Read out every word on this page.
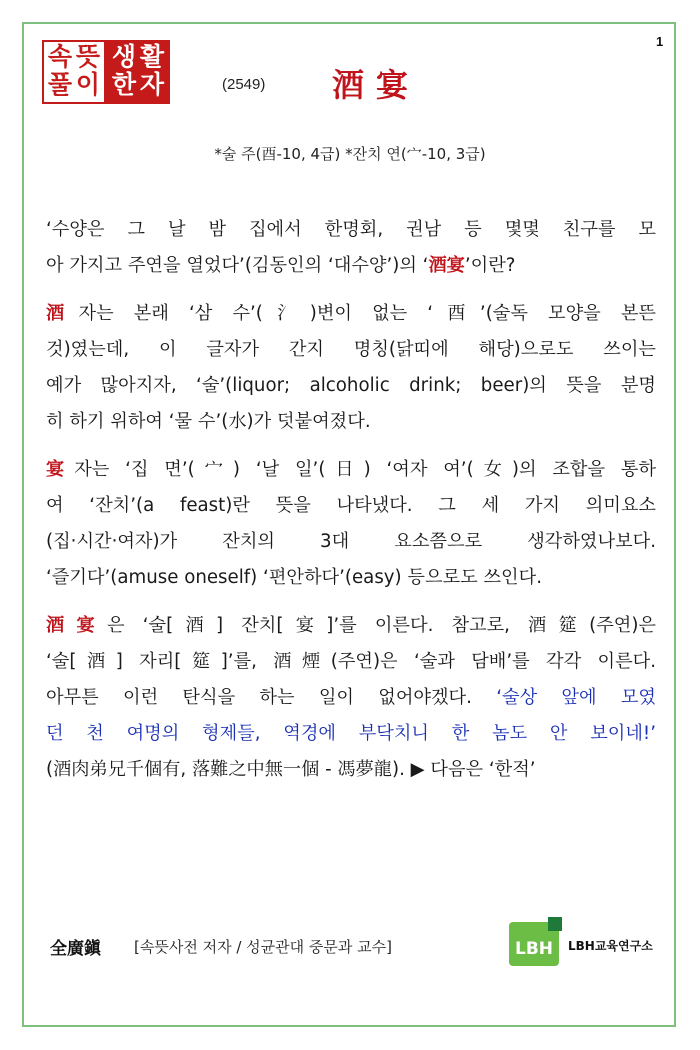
1
속 뜻
풀 이
생 활
한 자	(2549) 酒宴
*술 주(酉-10, 4급) *잔치 연(宀-10, 3급)
‘수양은 그 날 밤 집에서 한명회, 권남 등 몇몇 친구를 모
아 가지고 주연을 열었다’(김동인의 ‘대수양’)의 ‘酒宴’이란?
酒자는 본래 ‘삼 수’(氵)변이 없는 ‘酉’(술독 모양을 본뜬
것)였는데, 이 글자가 간지 명칭(닭띠에 해당)으로도 쓰이는
예가 많아지자, ‘술’(liquor; alcoholic drink; beer)의 뜻을 분명
히 하기 위하여 ‘물 수’(水)가 덧붙여졌다.
宴자는 ‘집 면’(宀) ‘날 일’(日) ‘여자 여’(女)의 조합을 통하
여 ‘잔치’(a feast)란 뜻을 나타냈다. 그 세 가지 의미요소
(집·시간·여자)가 잔치의 3대 요소쯤으로 생각하였나보다.
‘즐기다’(amuse oneself) ‘편안하다’(easy) 등으로도 쓰인다.
酒宴은 ‘술[酒] 잔치[宴]’를 이른다. 참고로, 酒筵(주연)은
‘술[酒] 자리[筵]’를, 酒煙(주연)은 ‘술과 담배’를 각각 이른다.
아무튼 이런 탄식을 하는 일이 없어야겠다. ‘술상 앞에 모였
던 천 여명의 형제들, 역경에 부닥치니 한 놈도 안 보이네!’
(酒肉弟兄千個有, 落難之中無一個 - 馮夢龍). ▶ 다음은 ‘한적’
全廣鎭 [속뜻사전 저자 / 성균관대 중문과 교수]	LBH LBH교육연구소
